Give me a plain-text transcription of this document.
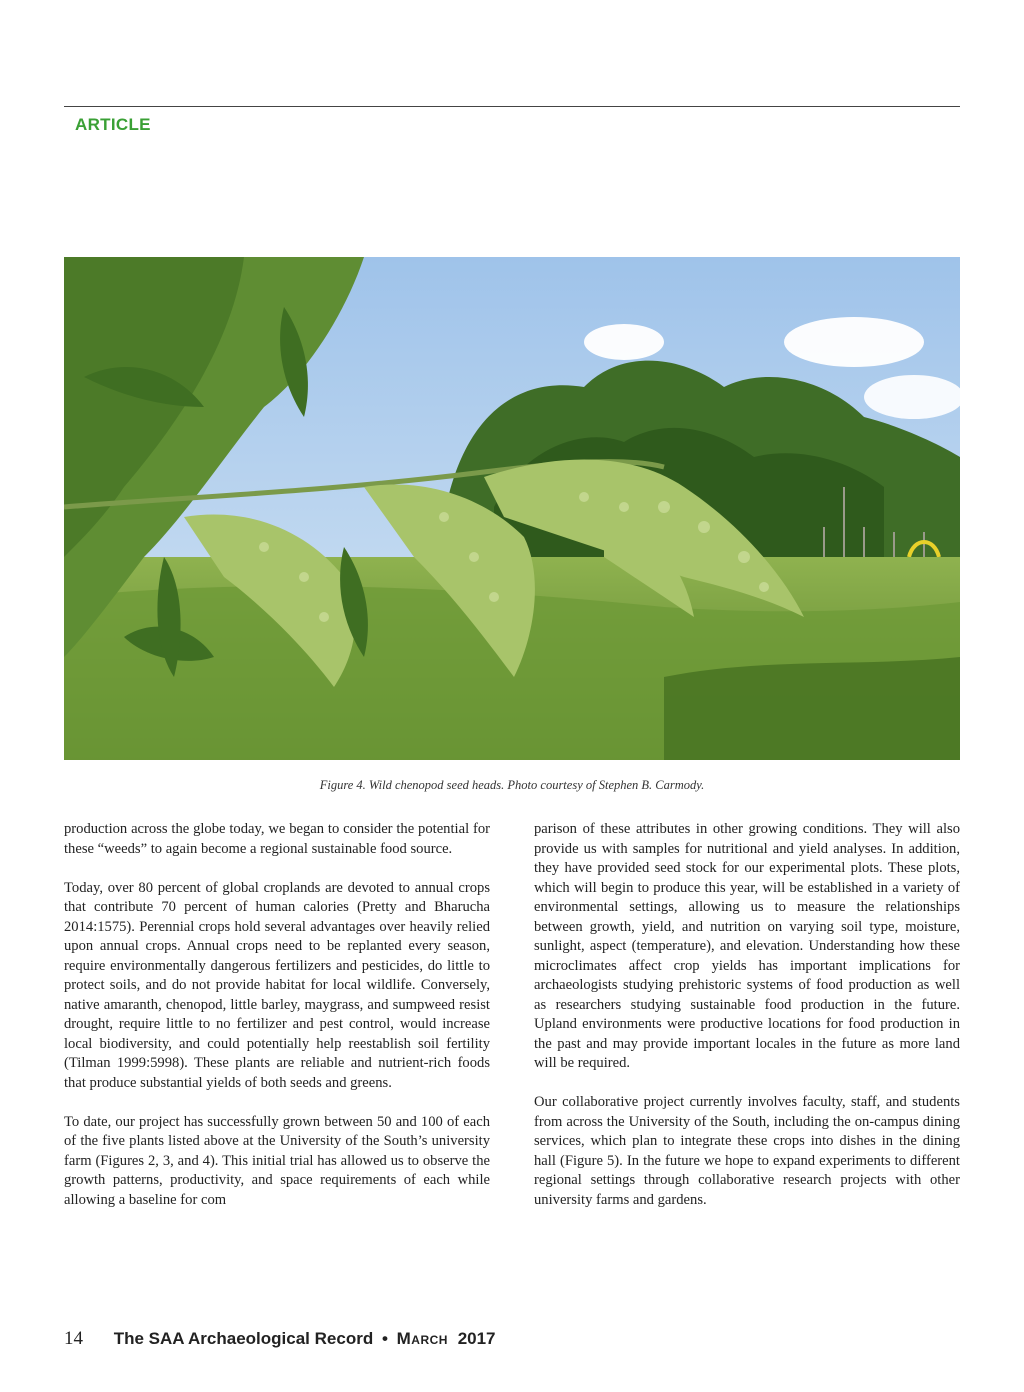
ARTICLE
Figure 4. Wild chenopod seed heads. Photo courtesy of Stephen B. Carmody.

production across the globe today, we began to consider the potential for these “weeds” to again become a regional sustainable food source.

Today, over 80 percent of global croplands are devoted to annual crops that contribute 70 percent of human calories (Pretty and Bharucha 2014:1575). Perennial crops hold several advantages over heavily relied upon annual crops. Annual crops need to be replanted every season, require environmentally dangerous fertilizers and pesticides, do little to protect soils, and do not provide habitat for local wildlife. Conversely, native amaranth, chenopod, little barley, maygrass, and sumpweed resist drought, require little to no fertilizer and pest control, would increase local biodiversity, and could potentially help reestablish soil fertility (Tilman 1999:5998). These plants are reliable and nutrient-rich foods that produce substantial yields of both seeds and greens.

To date, our project has successfully grown between 50 and 100 of each of the five plants listed above at the University of the South’s university farm (Figures 2, 3, and 4). This initial trial has allowed us to observe the growth patterns, productivity, and space requirements of each while allowing a baseline for com

parison of these attributes in other growing conditions. They will also provide us with samples for nutritional and yield analyses. In addition, they have provided seed stock for our experimental plots. These plots, which will begin to produce this year, will be established in a variety of environmental settings, allowing us to measure the relationships between growth, yield, and nutrition on varying soil type, moisture, sunlight, aspect (temperature), and elevation. Understanding how these microclimates affect crop yields has important implications for archaeologists studying prehistoric systems of food production as well as researchers studying sustainable food production in the future. Upland environments were productive locations for food production in the past and may provide important locales in the future as more land will be required.

Our collaborative project currently involves faculty, staff, and students from across the University of the South, including the on-campus dining services, which plan to integrate these crops into dishes in the dining hall (Figure 5). In the future we hope to expand experiments to different regional settings through collaborative research projects with other university farms and gardens.

14 The SAA Archaeological Record • March 2017
